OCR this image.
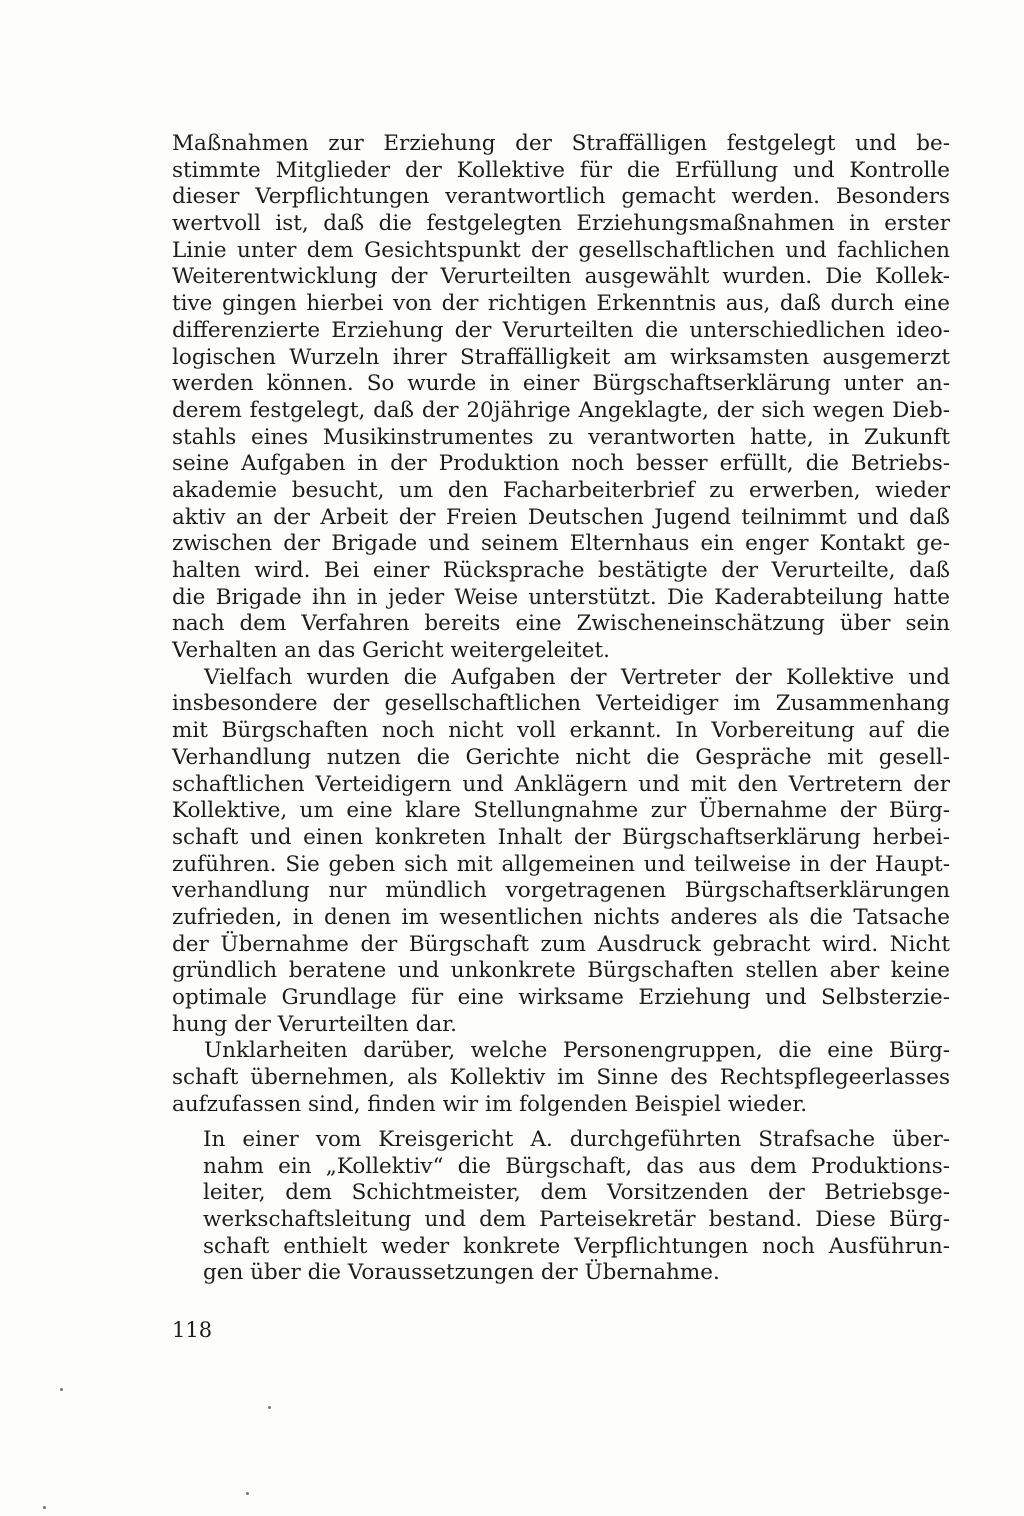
Maßnahmen zur Erziehung der Straffälligen festgelegt und be-
stimmte Mitglieder der Kollektive für die Erfüllung und Kontrolle
dieser Verpflichtungen verantwortlich gemacht werden. Besonders
wertvoll ist, daß die festgelegten Erziehungsmaßnahmen in erster
Linie unter dem Gesichtspunkt der gesellschaftlichen und fachlichen
Weiterentwicklung der Verurteilten ausgewählt wurden. Die Kollek-
tive gingen hierbei von der richtigen Erkenntnis aus, daß durch eine
differenzierte Erziehung der Verurteilten die unterschiedlichen ideo-
logischen Wurzeln ihrer Straffälligkeit am wirksamsten ausgemerzt
werden können. So wurde in einer Bürgschaftserklärung unter an-
derem festgelegt, daß der 20jährige Angeklagte, der sich wegen Dieb-
stahls eines Musikinstrumentes zu verantworten hatte, in Zukunft
seine Aufgaben in der Produktion noch besser erfüllt, die Betriebs-
akademie besucht, um den Facharbeiterbrief zu erwerben, wieder
aktiv an der Arbeit der Freien Deutschen Jugend teilnimmt und daß
zwischen der Brigade und seinem Elternhaus ein enger Kontakt ge-
halten wird. Bei einer Rücksprache bestätigte der Verurteilte, daß
die Brigade ihn in jeder Weise unterstützt. Die Kaderabteilung hatte
nach dem Verfahren bereits eine Zwischeneinschätzung über sein
Verhalten an das Gericht weitergeleitet.
Vielfach wurden die Aufgaben der Vertreter der Kollektive und
insbesondere der gesellschaftlichen Verteidiger im Zusammenhang
mit Bürgschaften noch nicht voll erkannt. In Vorbereitung auf die
Verhandlung nutzen die Gerichte nicht die Gespräche mit gesell-
schaftlichen Verteidigern und Anklägern und mit den Vertretern der
Kollektive, um eine klare Stellungnahme zur Übernahme der Bürg-
schaft und einen konkreten Inhalt der Bürgschaftserklärung herbei-
zuführen. Sie geben sich mit allgemeinen und teilweise in der Haupt-
verhandlung nur mündlich vorgetragenen Bürgschaftserklärungen
zufrieden, in denen im wesentlichen nichts anderes als die Tatsache
der Übernahme der Bürgschaft zum Ausdruck gebracht wird. Nicht
gründlich beratene und unkonkrete Bürgschaften stellen aber keine
optimale Grundlage für eine wirksame Erziehung und Selbsterzie-
hung der Verurteilten dar.
Unklarheiten darüber, welche Personengruppen, die eine Bürg-
schaft übernehmen, als Kollektiv im Sinne des Rechtspflegeerlasses
aufzufassen sind, finden wir im folgenden Beispiel wieder.
In einer vom Kreisgericht A. durchgeführten Strafsache über-
nahm ein „Kollektiv“ die Bürgschaft, das aus dem Produktions-
leiter, dem Schichtmeister, dem Vorsitzenden der Betriebsge-
werkschaftsleitung und dem Parteisekretär bestand. Diese Bürg-
schaft enthielt weder konkrete Verpflichtungen noch Ausführun-
gen über die Voraussetzungen der Übernahme.
118
